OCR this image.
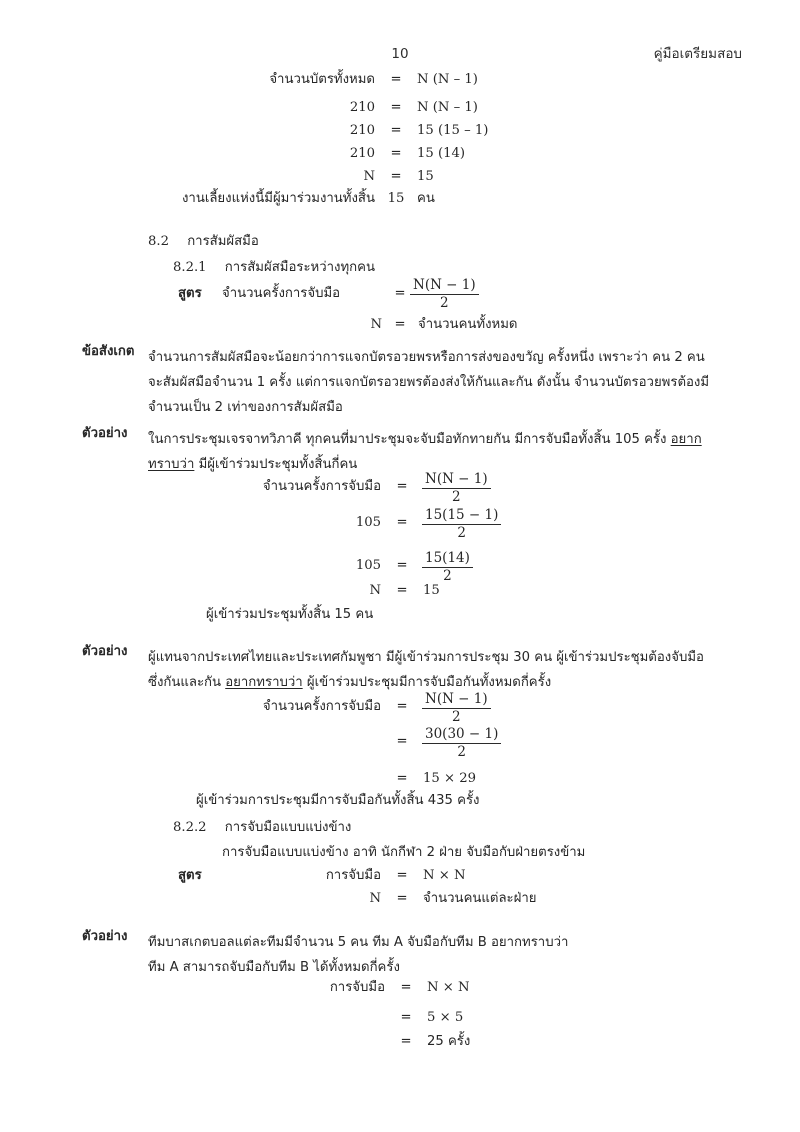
10	คู่มือเตรียมสอบ
จำนวนบัตรทั้งหมด	=	N (N – 1)
210	=	N (N – 1)
210	=	15 (15 – 1)
210	=	15 (14)
N	=	15
งานเลี้ยงแห่งนี้มีผู้มาร่วมงานทั้งสิ้น 15 คน
8.2 การสัมผัสมือ
8.2.1 การสัมผัสมือระหว่างทุกคน
สูตร จำนวนครั้งการจับมือ	= $\frac{N(N - 1)}{2}$
N = จำนวนคนทั้งหมด
ข้อสังเกต จำนวนการสัมผัสมือจะน้อยกว่าการแจกบัตรอวยพรหรือการส่งของขวัญ ครั้งหนึ่ง เพราะว่า คน 2 คน

จะสัมผัสมือจำนวน 1 ครั้ง แต่การแจกบัตรอวยพรต้องส่งให้กันและกัน ดังนั้น จำนวนบัตรอวยพรต้องมี

จำนวนเป็น 2 เท่าของการสัมผัสมือ

ตัวอย่าง ในการประชุมเจรจาทวิภาคี ทุกคนที่มาประชุมจะจับมือทักทายกัน มีการจับมือทั้งสิ้น 105 ครั้ง อยาก

ทราบว่า มีผู้เข้าร่วมประชุมทั้งสิ้นกี่คน

จำนวนครั้งการจับมือ	=	$\frac{N(N - 1)}{2}$
105	=	$\frac{15(15 - 1)}{2}$
105	=	$\frac{15(14)}{2}$
N	=	15
ผู้เข้าร่วมประชุมทั้งสิ้น 15 คน
ตัวอย่าง ผู้แทนจากประเทศไทยและประเทศกัมพูชา มีผู้เข้าร่วมการประชุม 30 คน ผู้เข้าร่วมประชุมต้องจับมือ

ซึ่งกันและกัน อยากทราบว่า ผู้เข้าร่วมประชุมมีการจับมือกันทั้งหมดกี่ครั้ง

จำนวนครั้งการจับมือ	=	$\frac{N(N - 1)}{2}$
=	$\frac{30(30 - 1)}{2}$
=	15 × 29
ผู้เข้าร่วมการประชุมมีการจับมือกันทั้งสิ้น 435 ครั้ง
8.2.2 การจับมือแบบแบ่งข้าง
การจับมือแบบแบ่งข้าง อาทิ นักกีฬา 2 ฝ่าย จับมือกับฝ่ายตรงข้าม
สูตร	การจับมือ	=	N × N
N	=	จำนวนคนแต่ละฝ่าย
ตัวอย่าง ทีมบาสเกตบอลแต่ละทีมมีจำนวน 5 คน ทีม A จับมือกับทีม B อยากทราบว่า

ทีม A สามารถจับมือกับทีม B ได้ทั้งหมดกี่ครั้ง

การจับมือ	=	N × N
=	5 × 5
=	25 ครั้ง
